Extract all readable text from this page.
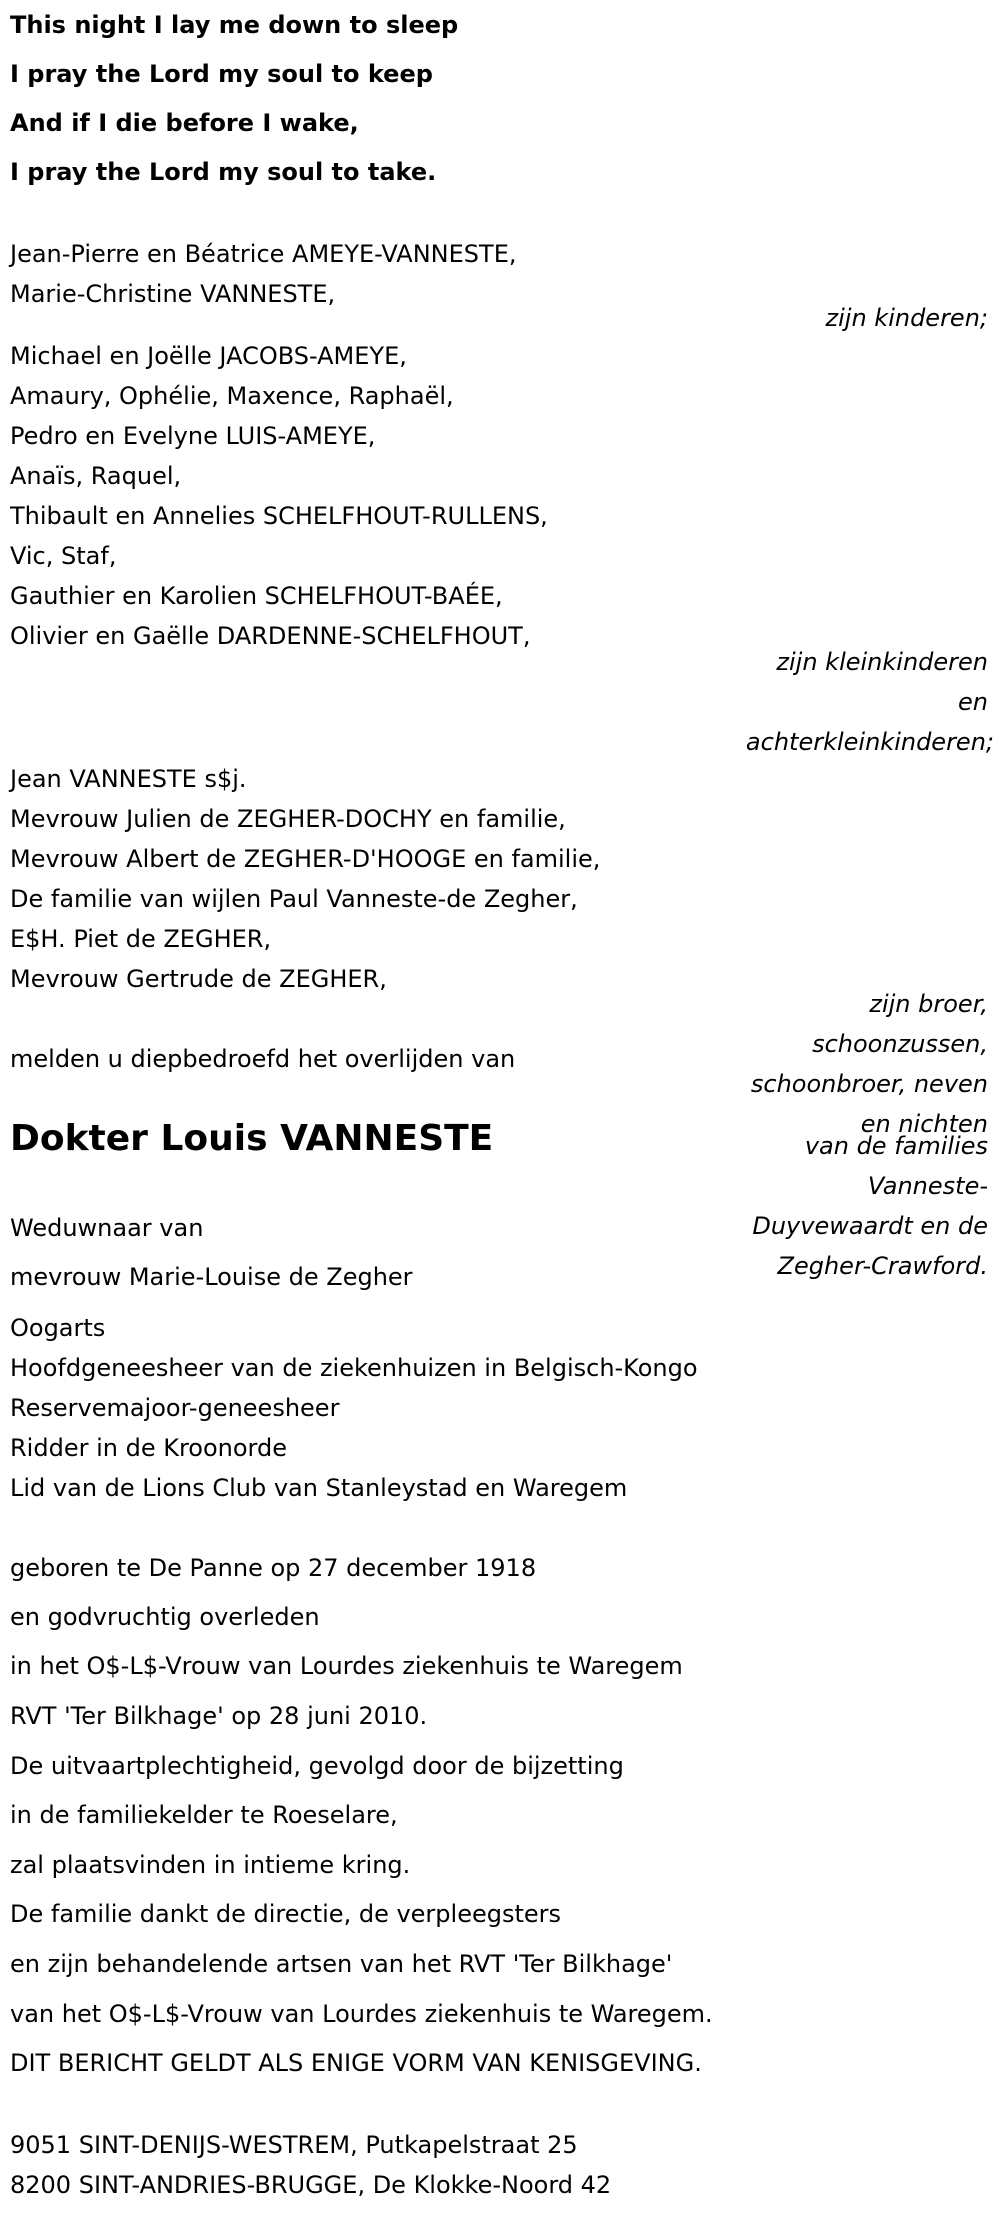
This night I lay me down to sleep
I pray the Lord my soul to keep
And if I die before I wake,
I pray the Lord my soul to take.
Jean-Pierre en Béatrice AMEYE-VANNESTE,
Marie-Christine VANNESTE,
zijn kinderen;
Michael en Joëlle JACOBS-AMEYE,
Amaury, Ophélie, Maxence, Raphaël,
Pedro en Evelyne LUIS-AMEYE,
Anaïs, Raquel,
Thibault en Annelies SCHELFHOUT-RULLENS,
Vic, Staf,
Gauthier en Karolien SCHELFHOUT-BAÉE,
Olivier en Gaëlle DARDENNE-SCHELFHOUT,
zijn kleinkinderen
en
achterkleinkinderen;
Jean VANNESTE s$j.
Mevrouw Julien de ZEGHER-DOCHY en familie,
Mevrouw Albert de ZEGHER-D'HOOGE en familie,
De familie van wijlen Paul Vanneste-de Zegher,
E$H. Piet de ZEGHER,
Mevrouw Gertrude de ZEGHER,
zijn broer,
schoonzussen,
schoonbroer, neven
en nichten
van de families
Vanneste-
Duyvewaardt en de
Zegher-Crawford.
melden u diepbedroefd het overlijden van
Dokter Louis VANNESTE
Weduwnaar van
mevrouw Marie-Louise de Zegher
Oogarts
Hoofdgeneesheer van de ziekenhuizen in Belgisch-Kongo
Reservemajoor-geneesheer
Ridder in de Kroonorde
Lid van de Lions Club van Stanleystad en Waregem
geboren te De Panne op 27 december 1918
en godvruchtig overleden
in het O$-L$-Vrouw van Lourdes ziekenhuis te Waregem
RVT 'Ter Bilkhage' op 28 juni 2010.
De uitvaartplechtigheid, gevolgd door de bijzetting
in de familiekelder te Roeselare,
zal plaatsvinden in intieme kring.
De familie dankt de directie, de verpleegsters
en zijn behandelende artsen van het RVT 'Ter Bilkhage'
van het O$-L$-Vrouw van Lourdes ziekenhuis te Waregem.
DIT BERICHT GELDT ALS ENIGE VORM VAN KENISGEVING.
9051 SINT-DENIJS-WESTREM, Putkapelstraat 25
8200 SINT-ANDRIES-BRUGGE, De Klokke-Noord 42
